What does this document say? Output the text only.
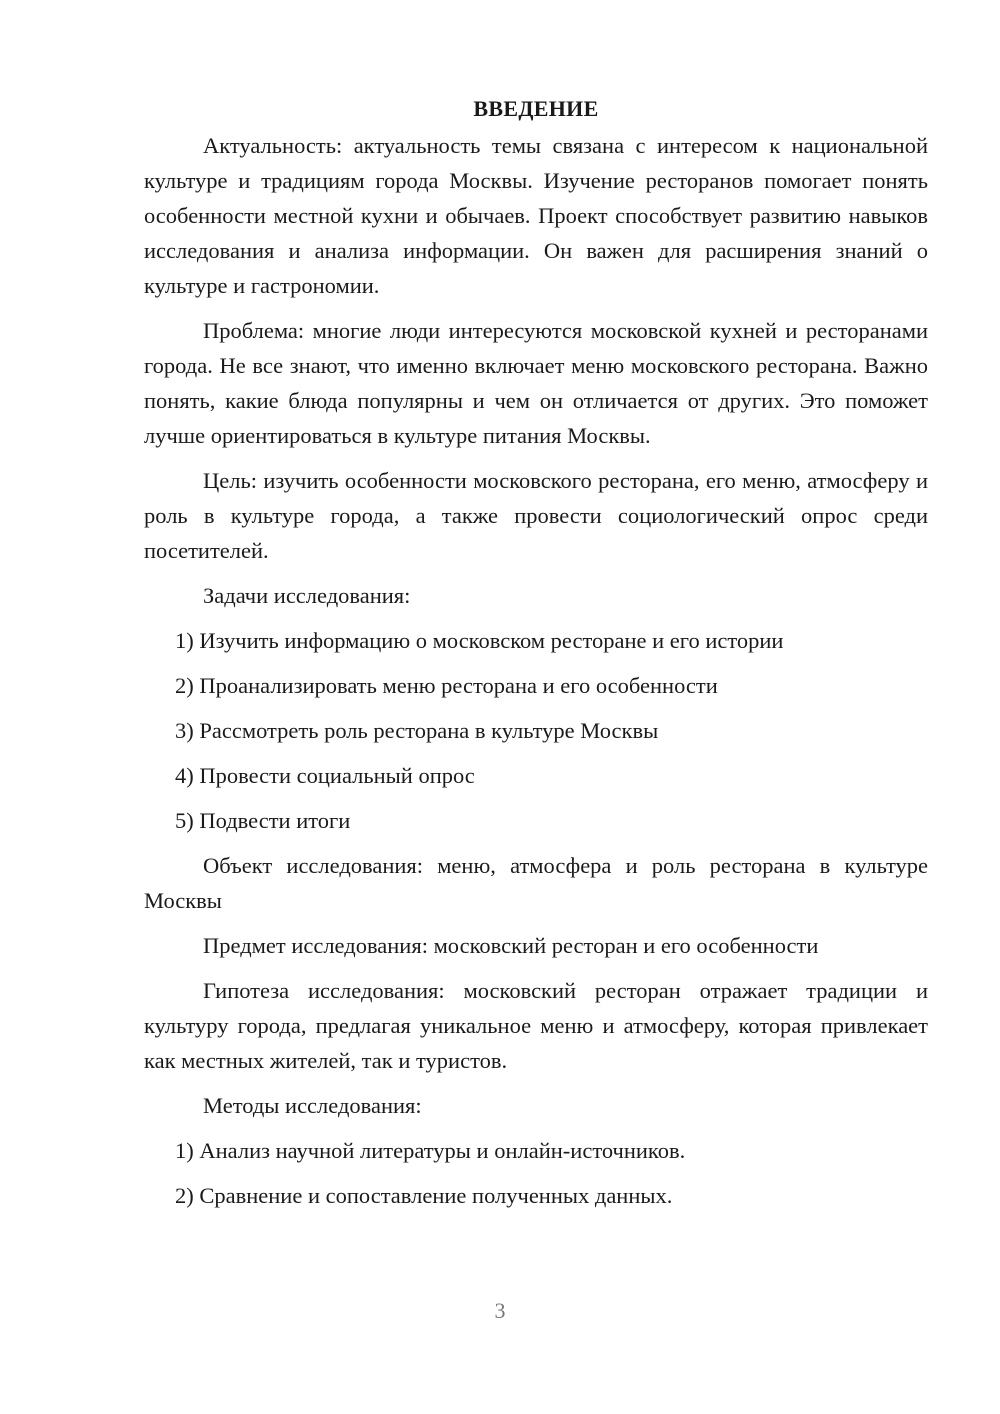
ВВЕДЕНИЕ

Актуальность: актуальность темы связана с интересом к национальной культуре и традициям города Москвы. Изучение ресторанов помогает понять особенности местной кухни и обычаев. Проект способствует развитию навыков исследования и анализа информации. Он важен для расширения знаний о культуре и гастрономии.

Проблема: многие люди интересуются московской кухней и ресторанами города. Не все знают, что именно включает меню московского ресторана. Важно понять, какие блюда популярны и чем он отличается от других. Это поможет лучше ориентироваться в культуре питания Москвы.

Цель: изучить особенности московского ресторана, его меню, атмосферу и роль в культуре города, а также провести социологический опрос среди посетителей.

Задачи исследования:

1) Изучить информацию о московском ресторане и его истории
2) Проанализировать меню ресторана и его особенности
3) Рассмотреть роль ресторана в культуре Москвы
4) Провести социальный опрос
5) Подвести итоги

Объект исследования: меню, атмосфера и роль ресторана в культуре Москвы

Предмет исследования: московский ресторан и его особенности

Гипотеза исследования: московский ресторан отражает традиции и культуру города, предлагая уникальное меню и атмосферу, которая привлекает как местных жителей, так и туристов.

Методы исследования:

1) Анализ научной литературы и онлайн-источников.
2) Сравнение и сопоставление полученных данных.
3
